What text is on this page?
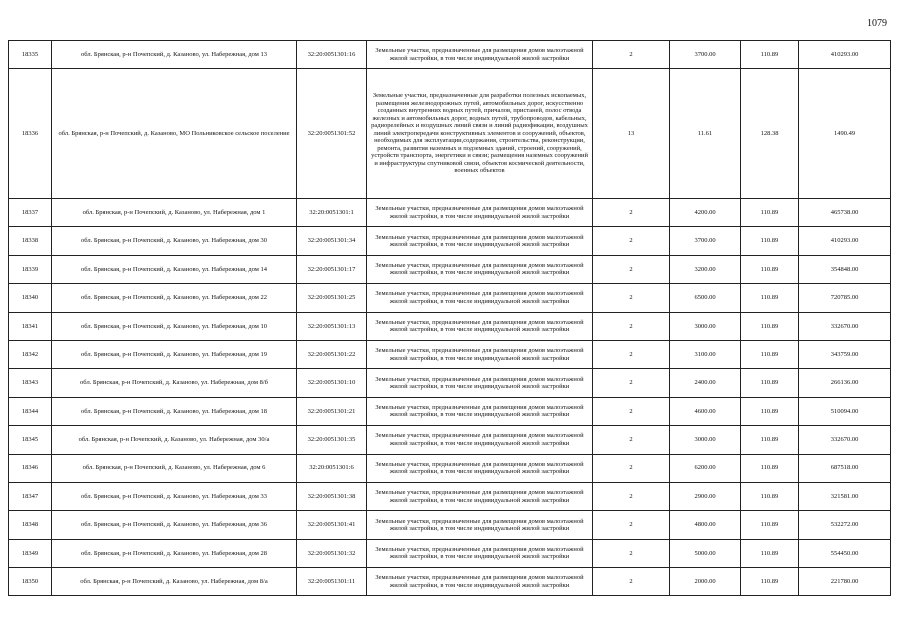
1079
18335	обл. Брянская, р-н Почепский, д. Казаново, ул. Набережная, дом 13	32:20:0051301:16	Земельные участки, предназначенные для размещения домов малоэтажной жилой застройки, в том числе индивидуальной жилой застройки	2	3700.00	110.89	410293.00
18336	обл. Брянская, р-н Почепский, д. Казаново, МО Польниковское сельское поселение	32:20:0051301:52	Земельные участки, предназначенные для разработки полезных ископаемых, размещения железнодорожных путей, автомобильных дорог, искусственно созданных внутренних водных путей, причалов, пристаней, полос отвода железных и автомобильных дорог, водных путей, трубопроводов, кабельных, радиорелейных и воздушных линий связи и линий радиофикации, воздушных линий электропередачи конструктивных элементов и сооружений, объектов, необходимых для эксплуатации,содержания, строительства, реконструкции, ремонта, развития наземных и подземных зданий, строений, сооружений, устройств транспорта, энергетики и связи; размещения наземных сооружений и инфраструктуры спутниковой связи, объектов космической деятельности, военных объектов	13	11.61	128.38	1490.49
18337	обл. Брянская, р-н Почепский, д. Казаново, ул. Набережная, дом 1	32:20:0051301:1	Земельные участки, предназначенные для размещения домов малоэтажной жилой застройки, в том числе индивидуальной жилой застройки	2	4200.00	110.89	465738.00
18338	обл. Брянская, р-н Почепский, д. Казаново, ул. Набережная, дом 30	32:20:0051301:34	Земельные участки, предназначенные для размещения домов малоэтажной жилой застройки, в том числе индивидуальной жилой застройки	2	3700.00	110.89	410293.00
18339	обл. Брянская, р-н Почепский, д. Казаново, ул. Набережная, дом 14	32:20:0051301:17	Земельные участки, предназначенные для размещения домов малоэтажной жилой застройки, в том числе индивидуальной жилой застройки	2	3200.00	110.89	354848.00
18340	обл. Брянская, р-н Почепский, д. Казаново, ул. Набережная, дом 22	32:20:0051301:25	Земельные участки, предназначенные для размещения домов малоэтажной жилой застройки, в том числе индивидуальной жилой застройки	2	6500.00	110.89	720785.00
18341	обл. Брянская, р-н Почепский, д. Казаново, ул. Набережная, дом 10	32:20:0051301:13	Земельные участки, предназначенные для размещения домов малоэтажной жилой застройки, в том числе индивидуальной жилой застройки	2	3000.00	110.89	332670.00
18342	обл. Брянская, р-н Почепский, д. Казаново, ул. Набережная, дом 19	32:20:0051301:22	Земельные участки, предназначенные для размещения домов малоэтажной жилой застройки, в том числе индивидуальной жилой застройки	2	3100.00	110.89	343759.00
18343	обл. Брянская, р-н Почепский, д. Казаново, ул. Набережная, дом 8/б	32:20:0051301:10	Земельные участки, предназначенные для размещения домов малоэтажной жилой застройки, в том числе индивидуальной жилой застройки	2	2400.00	110.89	266136.00
18344	обл. Брянская, р-н Почепский, д. Казаново, ул. Набережная, дом 18	32:20:0051301:21	Земельные участки, предназначенные для размещения домов малоэтажной жилой застройки, в том числе индивидуальной жилой застройки	2	4600.00	110.89	510094.00
18345	обл. Брянская, р-н Почепский, д. Казаново, ул. Набережная, дом 30/а	32:20:0051301:35	Земельные участки, предназначенные для размещения домов малоэтажной жилой застройки, в том числе индивидуальной жилой застройки	2	3000.00	110.89	332670.00
18346	обл. Брянская, р-н Почепский, д. Казаново, ул. Набережная, дом 6	32:20:0051301:6	Земельные участки, предназначенные для размещения домов малоэтажной жилой застройки, в том числе индивидуальной жилой застройки	2	6200.00	110.89	687518.00
18347	обл. Брянская, р-н Почепский, д. Казаново, ул. Набережная, дом 33	32:20:0051301:38	Земельные участки, предназначенные для размещения домов малоэтажной жилой застройки, в том числе индивидуальной жилой застройки	2	2900.00	110.89	321581.00
18348	обл. Брянская, р-н Почепский, д. Казаново, ул. Набережная, дом 36	32:20:0051301:41	Земельные участки, предназначенные для размещения домов малоэтажной жилой застройки, в том числе индивидуальной жилой застройки	2	4800.00	110.89	532272.00
18349	обл. Брянская, р-н Почепский, д. Казаново, ул. Набережная, дом 28	32:20:0051301:32	Земельные участки, предназначенные для размещения домов малоэтажной жилой застройки, в том числе индивидуальной жилой застройки	2	5000.00	110.89	554450.00
18350	обл. Брянская, р-н Почепский, д. Казаново, ул. Набережная, дом 8/а	32:20:0051301:11	Земельные участки, предназначенные для размещения домов малоэтажной жилой застройки, в том числе индивидуальной жилой застройки	2	2000.00	110.89	221780.00
